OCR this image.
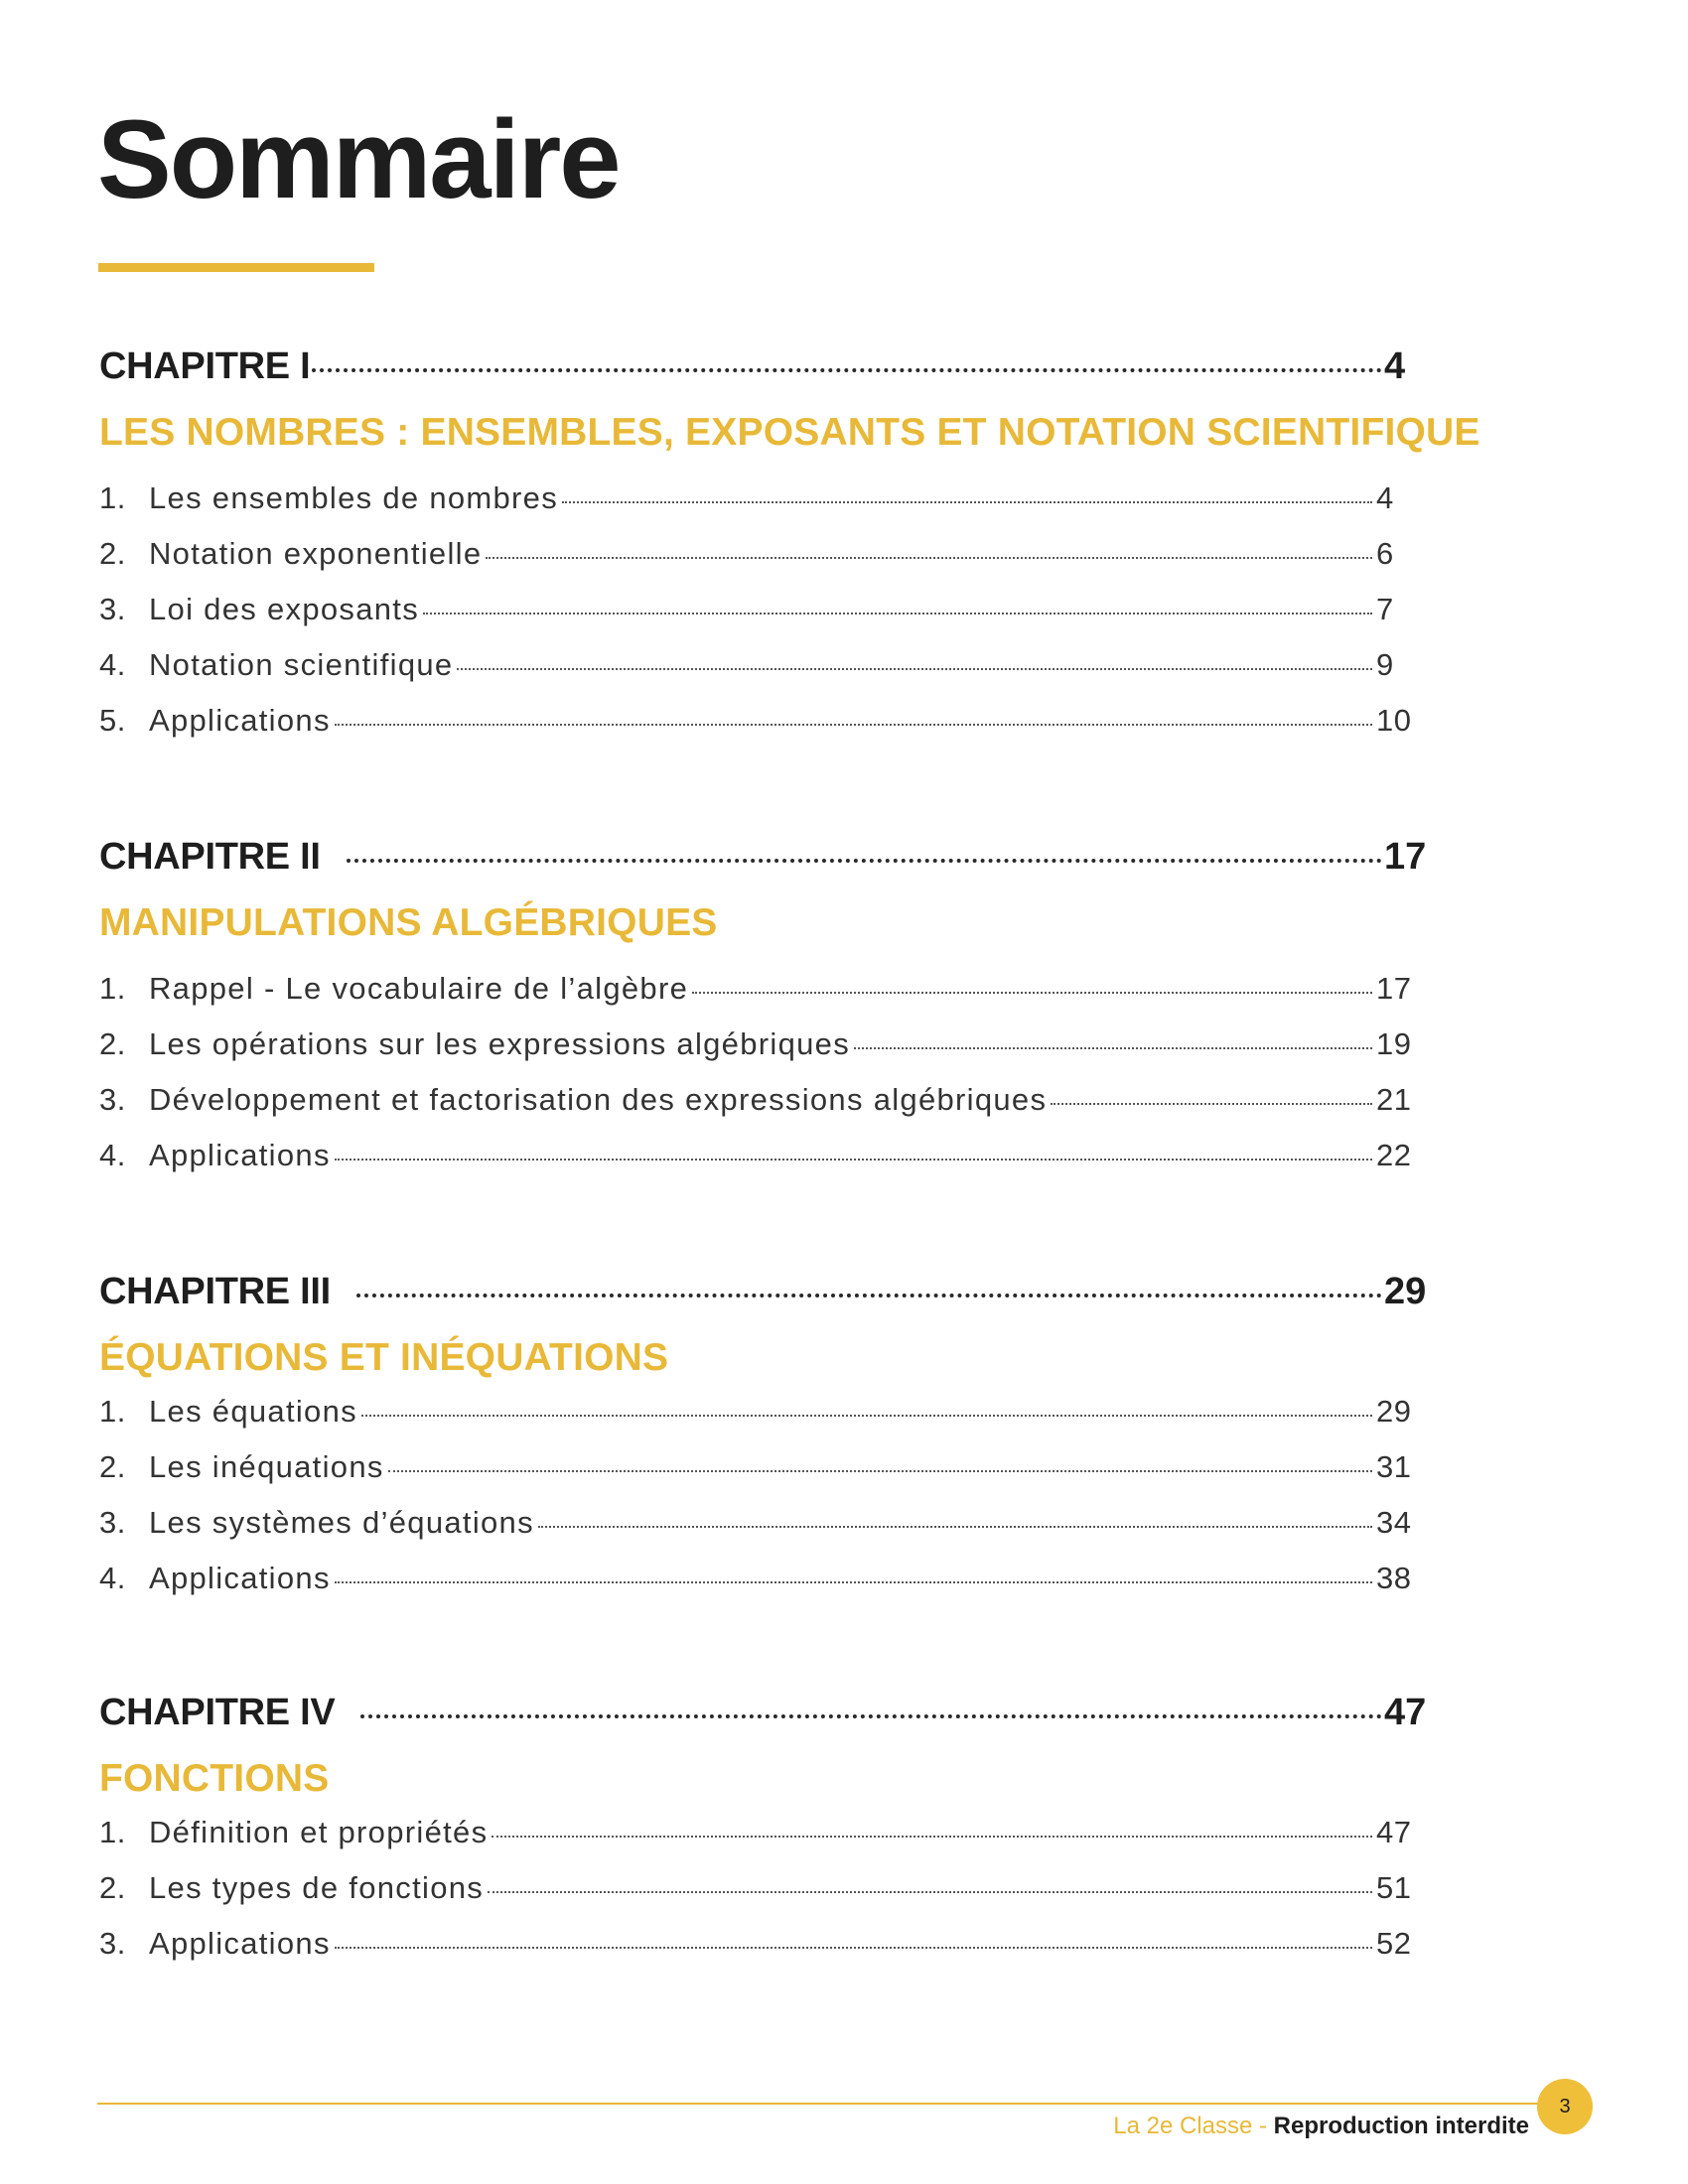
Sommaire
CHAPITRE I	4
LES NOMBRES : ENSEMBLES, EXPOSANTS ET NOTATION SCIENTIFIQUE
1. Les ensembles de nombres	4
2. Notation exponentielle	6
3. Loi des exposants	7
4. Notation scientifique	9
5. Applications	10
CHAPITRE II	17
MANIPULATIONS ALGÉBRIQUES
1. Rappel - Le vocabulaire de l’algèbre	17
2. Les opérations sur les expressions algébriques	19
3. Développement et factorisation des expressions algébriques	21
4. Applications	22
CHAPITRE III	29
ÉQUATIONS ET INÉQUATIONS
1. Les équations	29
2. Les inéquations	31
3. Les systèmes d’équations	34
4. Applications	38
CHAPITRE IV	47
FONCTIONS
1. Définition et propriétés	47
2. Les types de fonctions	51
3. Applications	52
La 2e Classe - Reproduction interdite
3
